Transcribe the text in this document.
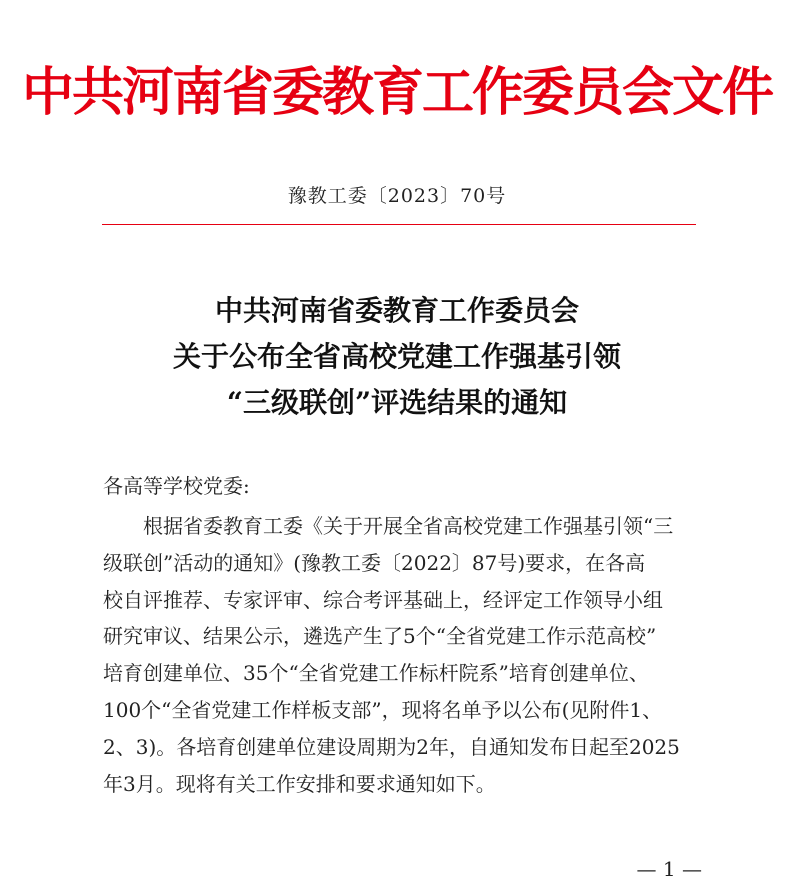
中共河南省委教育工作委员会文件
豫教工委〔2023〕70号
中共河南省委教育工作委员会
关于公布全省高校党建工作强基引领
“三级联创”评选结果的通知
各高等学校党委:
根据省委教育工委《关于开展全省高校党建工作强基引领“三
级联创”活动的通知》(豫教工委〔2022〕87号)要求，在各高
校自评推荐、专家评审、综合考评基础上，经评定工作领导小组
研究审议、结果公示，遴选产生了5个“全省党建工作示范高校”
培育创建单位、35个“全省党建工作标杆院系”培育创建单位、
100个“全省党建工作样板支部”，现将名单予以公布(见附件1、
2、3)。各培育创建单位建设周期为2年，自通知发布日起至2025
年3月。现将有关工作安排和要求通知如下。
— 1 —
